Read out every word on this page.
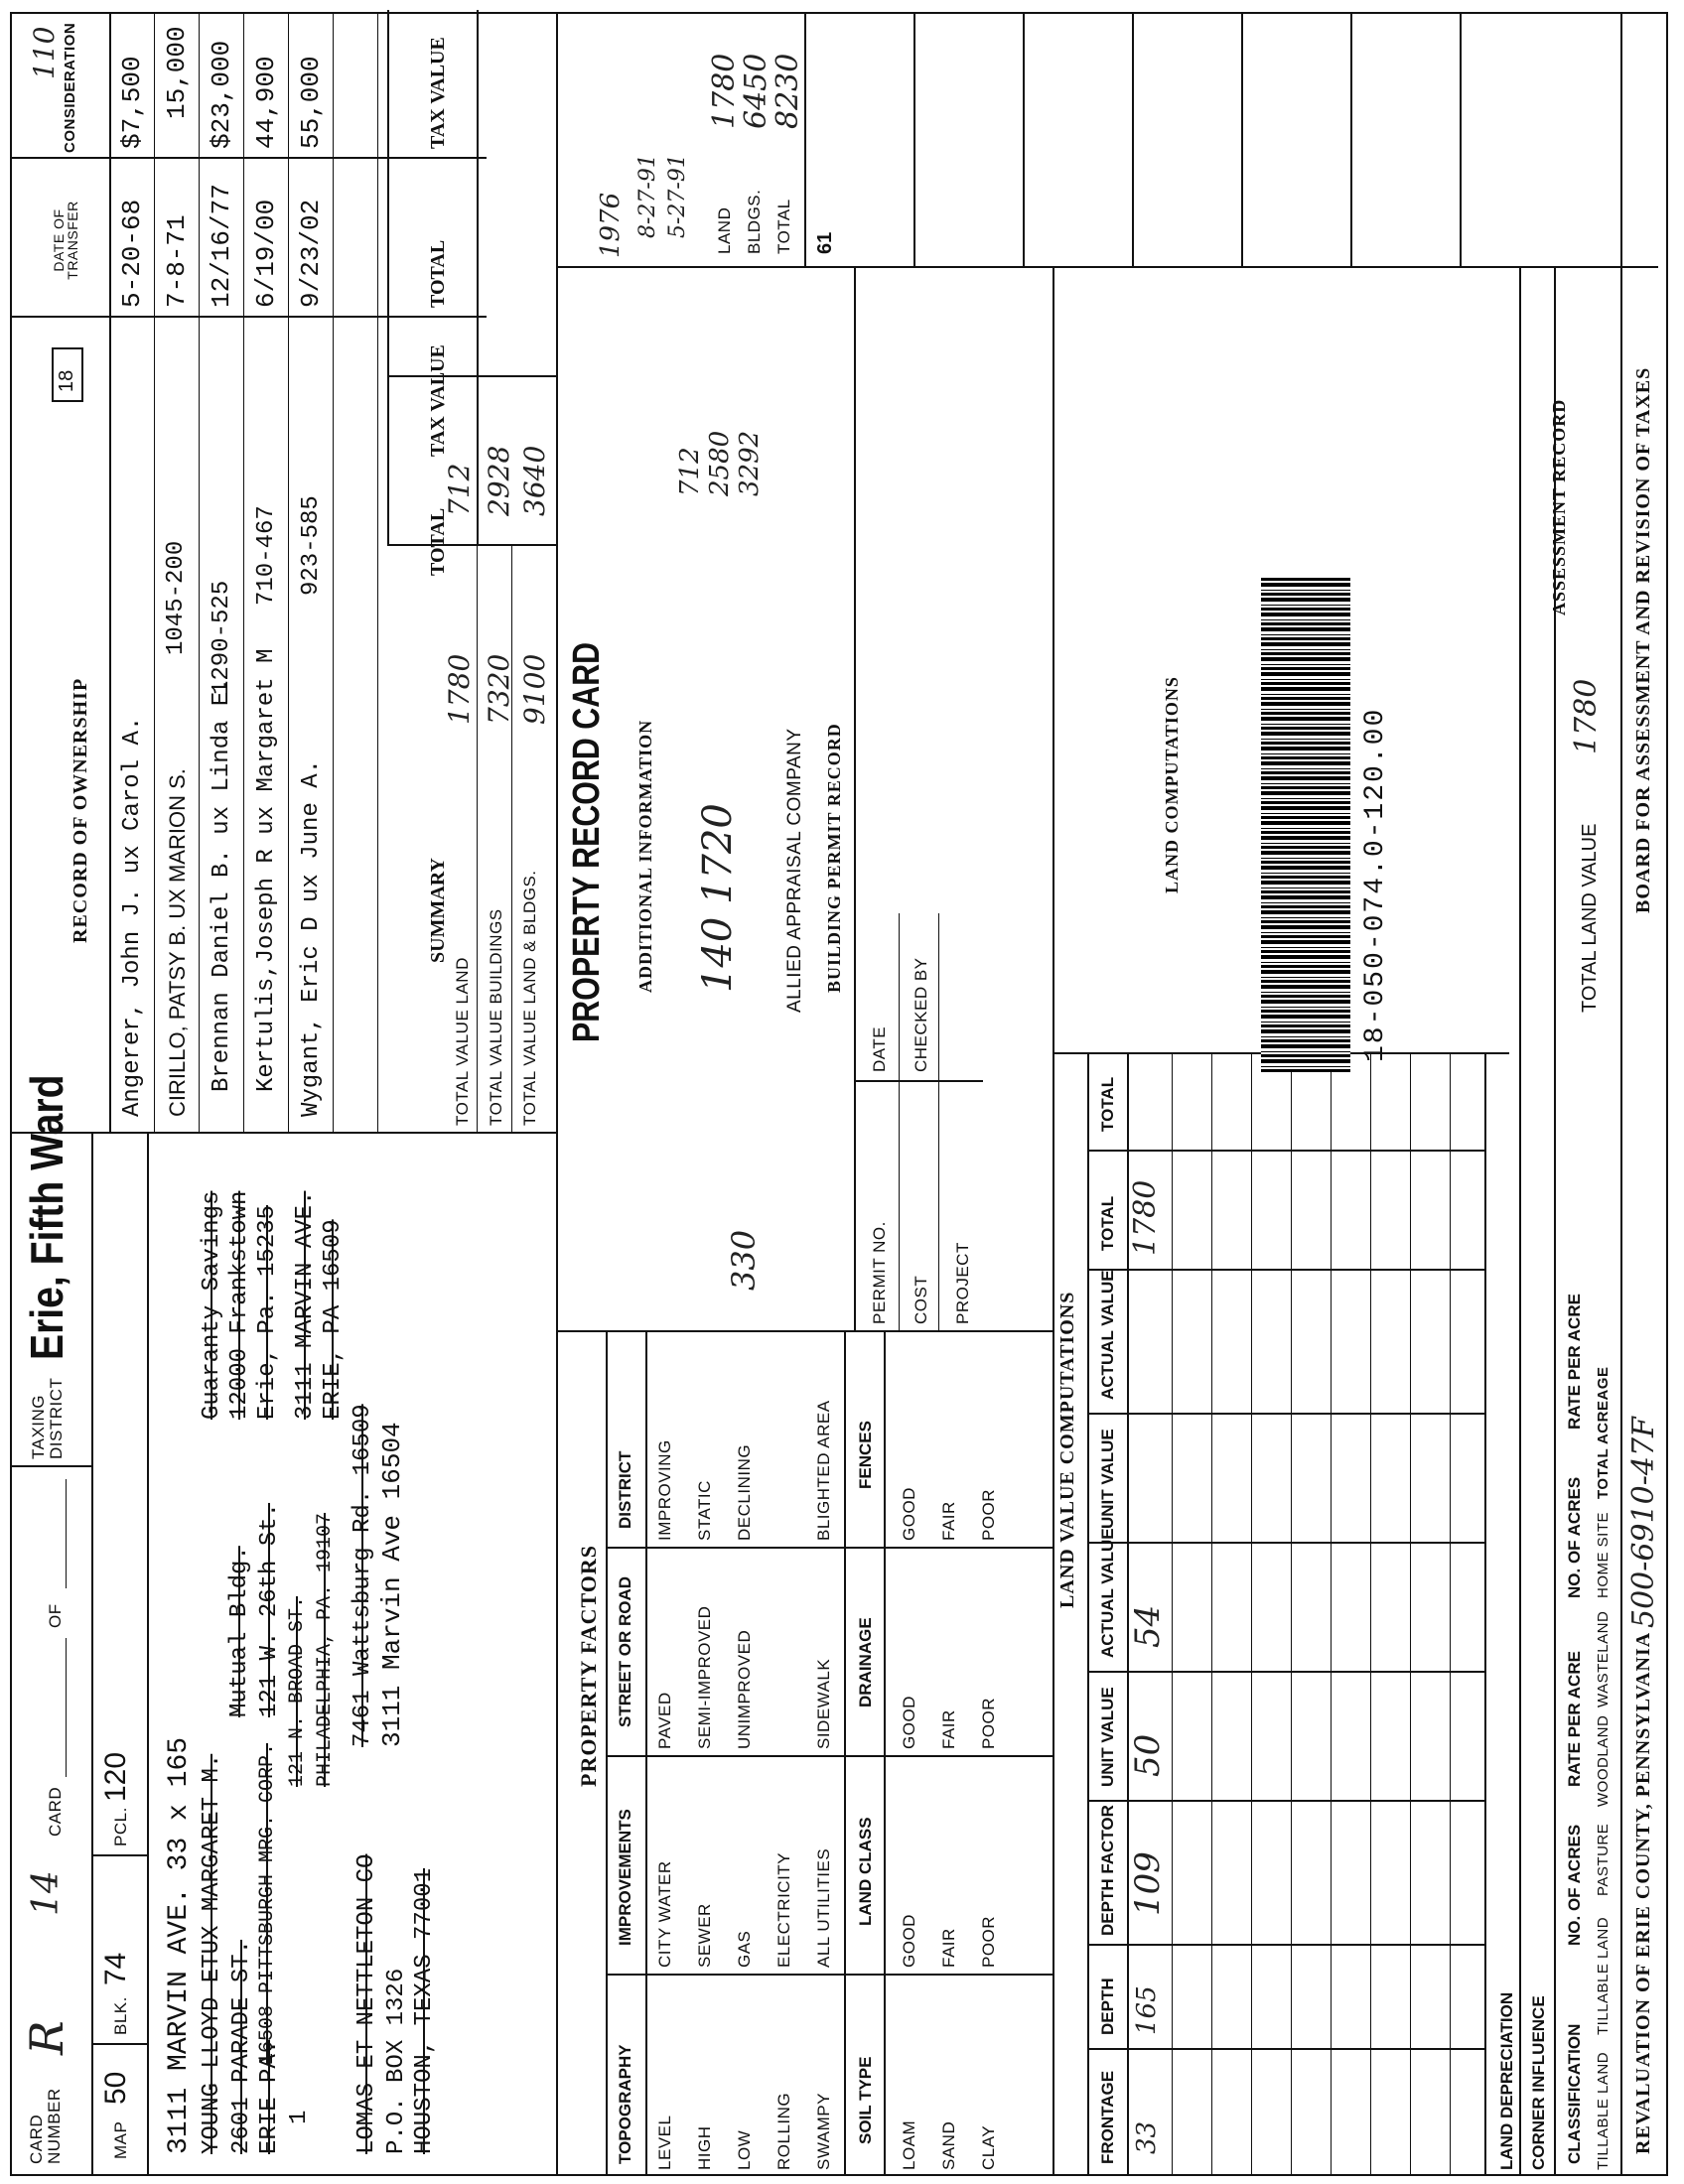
CARD NUMBER
R
14
CARD
OF
TAXING DISTRICT
Erie, Fifth Ward
MAP
50
BLK.
74
PCL.
120 3111 MARVIN AVE. 33 x 165 YOUNG LLOYD ETUX MARGARET M. 2601 PARADE ST. ERIE PA.
16508 PITTSBURGH MRG. CORP.
1
121 N. BROAD ST. PHILADELPHIA, PA. 19107
Mutual Bldg. 121 W. 26th St.
LOMAS ET NETTLETON CO P.O. BOX 1326 HOUSTON, TEXAS 77001
7461 Wattsburg Rd. 16509 3111 Marvin Ave 16504
Guaranty Savings 12000 Frankstown Erie, Pa. 15235 3111 MARVIN AVE. ERIE, PA 16509
RECORD OF OWNERSHIP
18
110
DATE OF TRANSFER
CONSIDERATION
Angerer, John J. ux Carol A.
5-20-68
$7,500
CIRILLO, PATSY B. UX MARION S.
1045-200
7-8-71
15,000
Brennan Daniel B. ux Linda E.
1290-525
12/16/77
$23,000
Kertulis,Joseph R ux Margaret M
710-467
6/19/00
44,900
Wygant, Eric D ux June A.
923-585
9/23/02
55,000
TOTAL
TAX VALUE
TOTAL
TAX VALUE
SUMMARY
TOTAL VALUE LAND TOTAL VALUE BUILDINGS TOTAL VALUE LAND & BLDGS.
1780 7320 9100
712 2928 3640
PROPERTY FACTORS
PROPERTY RECORD CARD ADDITIONAL INFORMATION 140 1720
330
ALLIED APPRAISAL COMPANY BUILDING PERMIT RECORD
TOPOGRAPHY
IMPROVEMENTS
STREET OR ROAD
DISTRICT
LEVEL HIGH LOW ROLLING SWAMPY
CITY WATER SEWER GAS ELECTRICITY ALL UTILITIES
PAVED SEMI-IMPROVED UNIMPROVED	SIDEWALK
IMPROVING STATIC DECLINING	BLIGHTED AREA
SOIL TYPE
LAND CLASS
DRAINAGE
FENCES
LOAM SAND CLAY
GOOD FAIR POOR
GOOD FAIR POOR
GOOD FAIR POOR
PERMIT NO.
DATE
COST
CHECKED BY
PROJECT
ASSESSMENT RECORD
1976 8-27-91 5-27-91 LAND BLDGS. TOTAL
1780
6450
8230
712 2580 3292
61
LAND VALUE COMPUTATIONS
FRONTAGE
DEPTH
DEPTH FACTOR
UNIT VALUE
ACTUAL VALUE
UNIT VALUE
ACTUAL VALUE
TOTAL
TOTAL
33
165
109
50
54
1780
LAND COMPUTATIONS
LAND DEPRECIATION CORNER INFLUENCE CLASSIFICATION
NO. OF ACRES
RATE PER ACRE
NO. OF ACRES
RATE PER ACRE
TOTAL LAND VALUE
1780
TILLABLE LAND
TILLABLE LAND
PASTURE
WOODLAND
WASTELAND
HOME SITE
TOTAL ACREAGE
18-050-074.0-120.00
REVALUATION OF ERIE COUNTY, PENNSYLVANIA
500-6910-47F
BOARD FOR ASSESSMENT AND REVISION OF TAXES
